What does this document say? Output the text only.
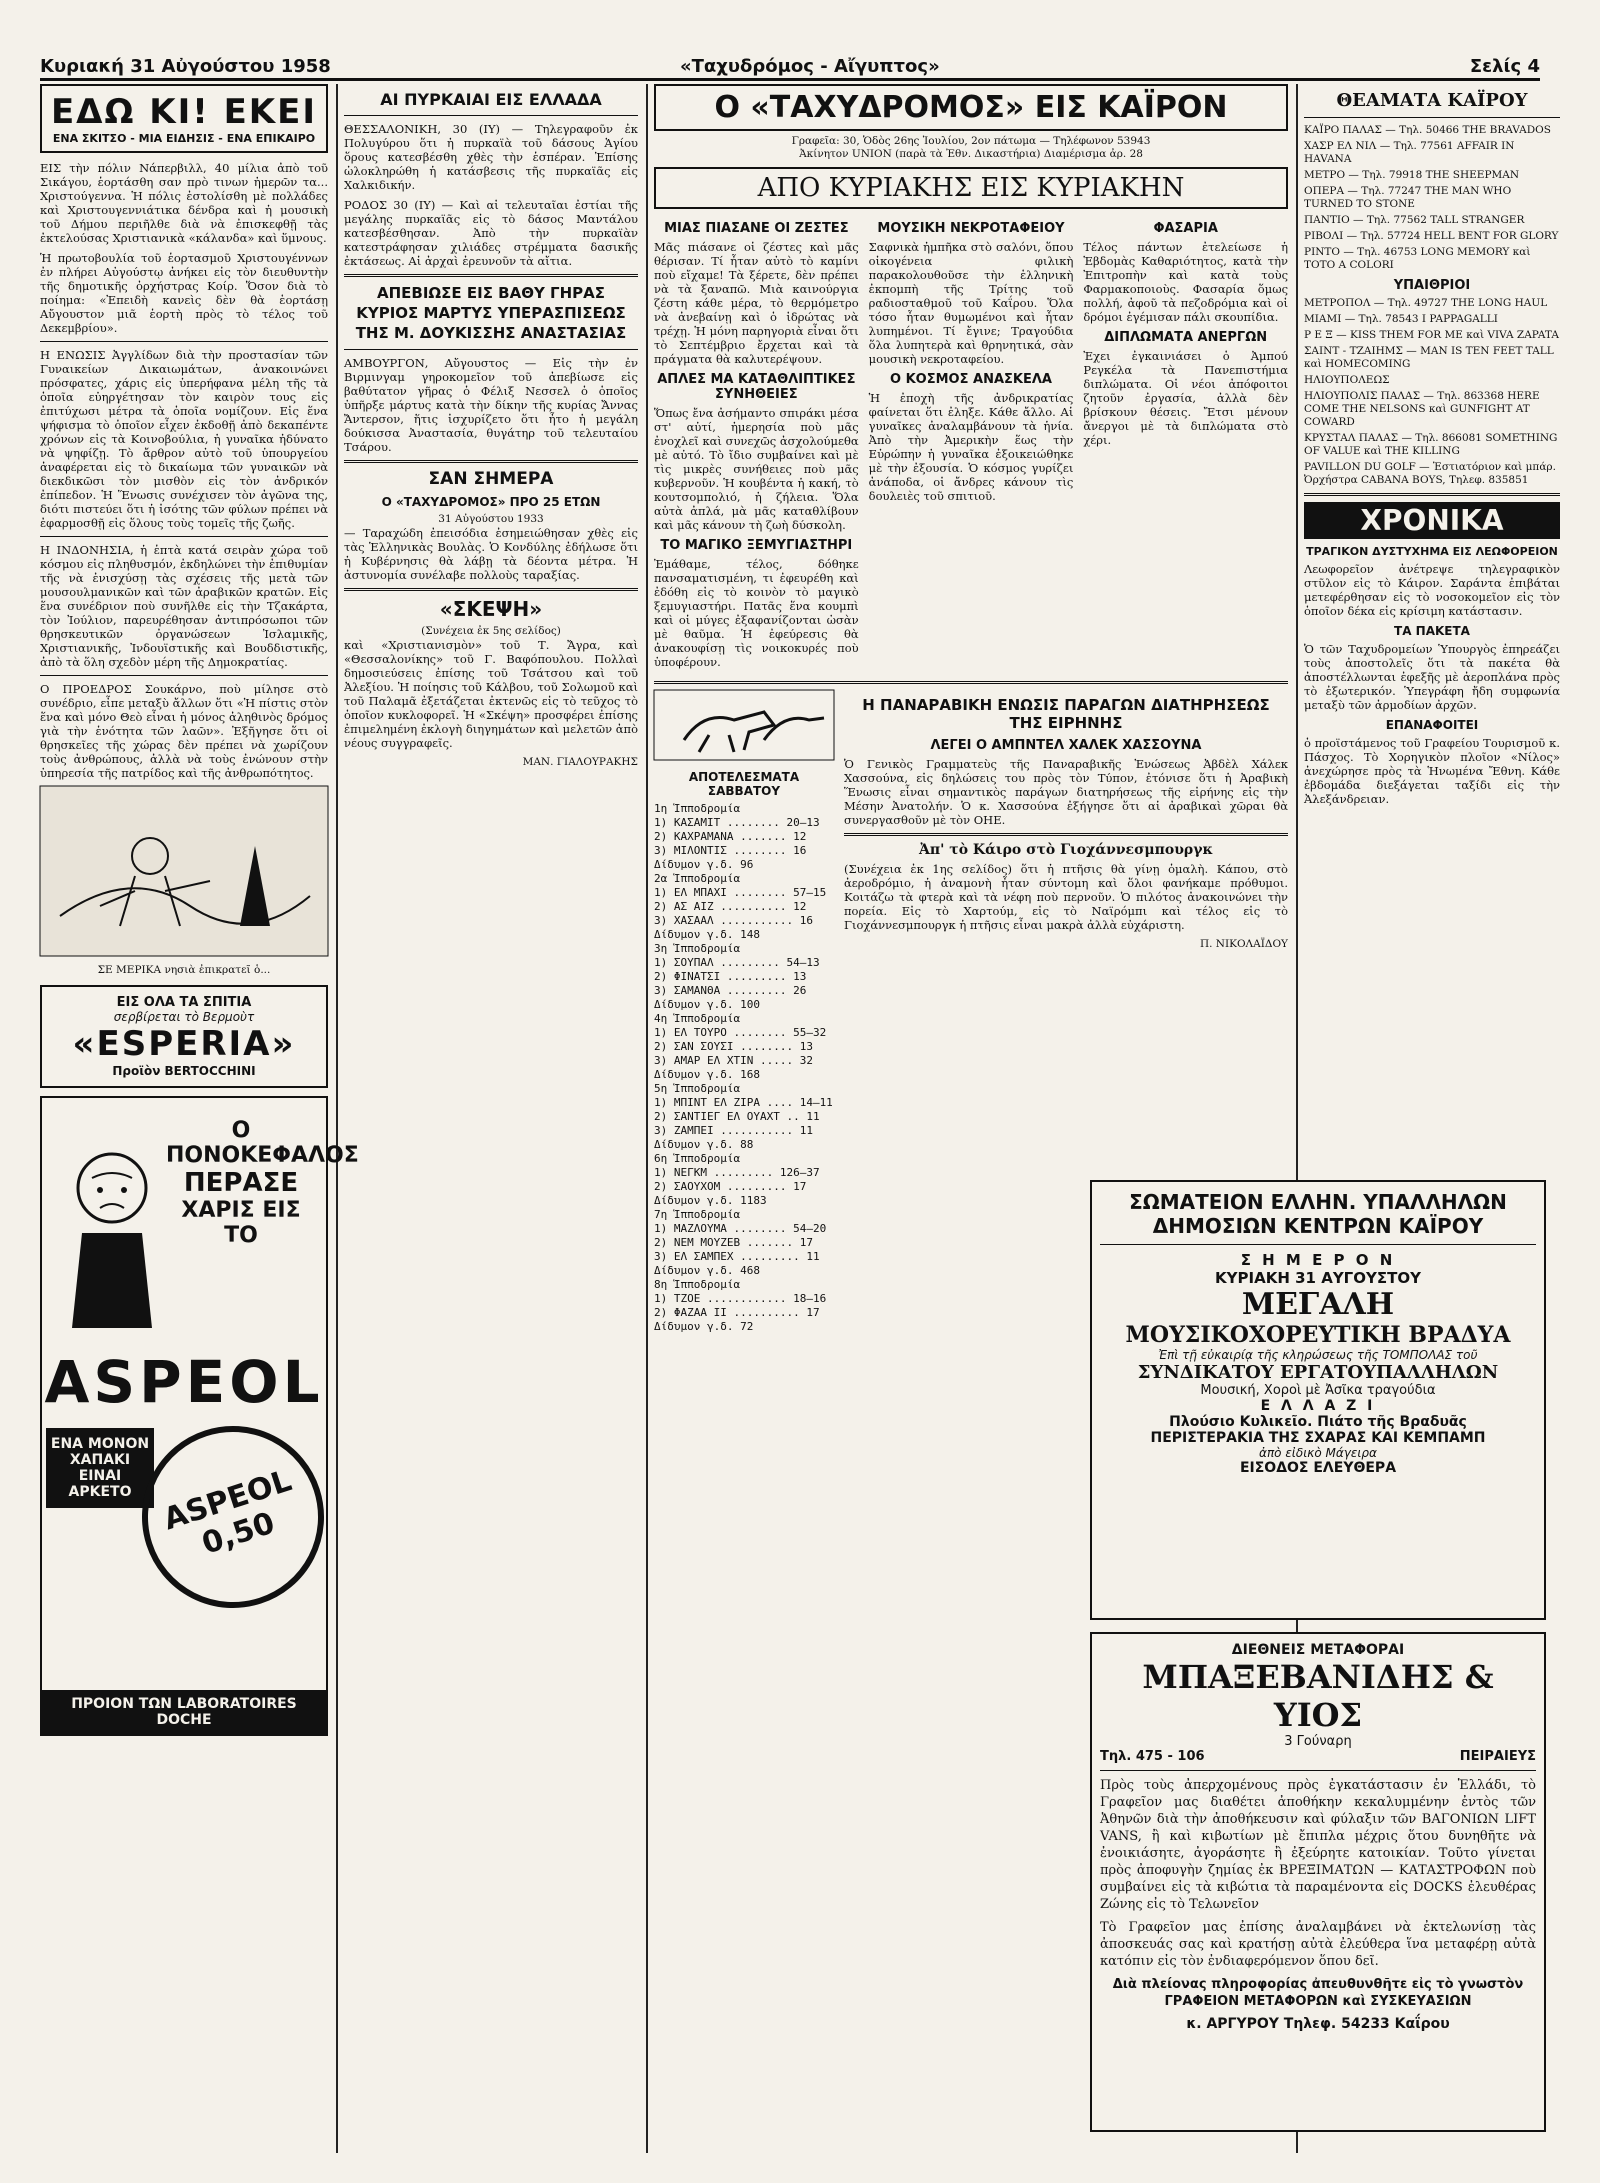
Κυριακή 31 Αὐγούστου 1958	«Ταχυδρόμος - Αἴγυπτος»	Σελίς 4
ΕΔΩ ΚΙ! ΕΚΕΙ
ΕΝΑ ΣΚΙΤΣΟ - ΜΙΑ ΕΙΔΗΣΙΣ - ΕΝΑ ΕΠΙΚΑΙΡΟ

ΕΙΣ τὴν πόλιν Νάπερβιλλ, 40 μίλια ἀπὸ τοῦ Σικάγου, ἑορτάσθη σαν πρὸ τινων ἡμερῶν τα... Χριστούγεννα. Ἡ πόλις ἐστολίσθη μὲ πολλάδες καὶ Χριστουγεννιάτικα δένδρα καὶ ἡ μουσικὴ τοῦ Δήμου περιῆλθε διὰ νὰ ἐπισκεφθῇ τὰς ἐκτελούσας Χριστιανικὰ «κάλανδα» καὶ ὕμνους.

Ἡ πρωτοβουλία τοῦ ἑορτασμοῦ Χριστουγέννων ἐν πλήρει Αὐγούστῳ ἀνήκει εἰς τὸν διευθυντὴν τῆς δημοτικῆς ὀρχήστρας Κοίρ. Ὅσον διὰ τὸ ποίημα: «Ἐπειδὴ κανεὶς δὲν θὰ ἑορτάσῃ Αὔγουστον μιᾶ ἑορτὴ πρὸς τὸ τέλος τοῦ Δεκεμβρίου».

Η ΕΝΩΣΙΣ Ἀγγλίδων διὰ τὴν προστασίαν τῶν Γυναικείων Δικαιωμάτων, ἀνακοινώνει πρόσφατες, χάρις εἰς ὑπερήφανα μέλη τῆς τὰ ὁποῖα εὐηργέτησαν τὸν καιρὸν τους εἰς ἐπιτύχωσι μέτρα τὰ ὁποῖα νομίζουν. Εἰς ἕνα ψήφισμα τὸ ὁποῖον εἶχεν ἐκδοθῇ ἀπὸ δεκαπέντε χρόνων εἰς τὰ Κοινοβούλια, ἡ γυναῖκα ἠδύνατο νὰ ψηφίζῃ. Τὸ ἄρθρον αὐτὸ τοῦ ὑπουργείου ἀναφέρεται εἰς τὸ δικαίωμα τῶν γυναικῶν νὰ διεκδικῶσι τὸν μισθὸν εἰς τὸν ἀνδρικόν ἐπίπεδον. Ἡ Ἕνωσις συνέχισεν τὸν ἀγῶνα της, διότι πιστεύει ὅτι ἡ ἰσότης τῶν φύλων πρέπει νὰ ἐφαρμοσθῇ εἰς ὅλους τοὺς τομεῖς τῆς ζωῆς.

Η ΙΝΔΟΝΗΣΙΑ, ἡ ἑπτὰ κατά σειρὰν χώρα τοῦ κόσμου εἰς πληθυσμόν, ἐκδηλώνει τὴν ἐπιθυμίαν τῆς νὰ ἐνισχύσῃ τὰς σχέσεις τῆς μετὰ τῶν μουσουλμανικῶν καὶ τῶν ἀραβικῶν κρατῶν. Εἰς ἕνα συνέδριον ποὺ συνῆλθε εἰς τὴν Τζακάρτα, τὸν Ἰούλιον, παρευρέθησαν ἀντιπρόσωποι τῶν θρησκευτικῶν ὀργανώσεων Ἰσλαμικῆς, Χριστιανικῆς, Ἰνδουϊστικῆς καὶ Βουδδιστικῆς, ἀπὸ τὰ ὅλη σχεδὸν μέρη τῆς Δημοκρατίας.

Ο ΠΡΟΕΔΡΟΣ Σουκάρνο, ποὺ μίλησε στὸ συνέδριο, εἶπε μεταξὺ ἄλλων ὅτι «Ἡ πίστις στὸν ἕνα καὶ μόνο Θεὸ εἶναι ἡ μόνος ἀληθινὸς δρόμος γιὰ τὴν ἑνότητα τῶν λαῶν». Ἐξῆγησε ὅτι οἱ θρησκεῖες τῆς χώρας δὲν πρέπει νὰ χωρίζουν τοὺς ἀνθρώπους, ἀλλὰ νὰ τοὺς ἐνώνουν στὴν ὑπηρεσία τῆς πατρίδος καὶ τῆς ἀνθρωπότητος.

ΣΕ ΜΕΡΙΚΑ νησιὰ ἐπικρατεῖ ὁ...
ΕΙΣ ΟΛΑ ΤΑ ΣΠΙΤΙΑ
σερβίρεται τὸ Βερμοὺτ
«ESPERIA»
Προϊὸν BERTOCCHINI
Ο ΠΟΝΟΚΕΦΑΛΟΣ
ΠΕΡΑΣΕ
ΧΑΡΙΣ ΕΙΣ ΤΟ
ASPEOL
ΕΝΑ ΜΟΝΟΝ
ΧΑΠΑΚΙ
ΕΙΝΑΙ
ΑΡΚΕΤΟ ASPEOL 0,50
ΠΡΟΙΟΝ ΤΩΝ LABORATOIRES DOCHE
ΑΙ ΠΥΡΚΑΙΑΙ ΕΙΣ ΕΛΛΑΔΑ

ΘΕΣΣΑΛΟΝΙΚΗ, 30 (ΙΥ) — Τηλεγραφοῦν ἐκ Πολυγύρου ὅτι ἡ πυρκαϊὰ τοῦ δάσους Ἁγίου ὅρους κατεσβέσθη χθὲς τὴν ἑσπέραν. Ἐπίσης ὠλοκληρώθη ἡ κατάσβεσις τῆς πυρκαϊᾶς εἰς Χαλκιδικήν.

ΡΟΔΟΣ 30 (ΙΥ) — Καὶ αἱ τελευταῖαι ἐστίαι τῆς μεγάλης πυρκαϊᾶς εἰς τὸ δάσος Μαντάλου κατεσβέσθησαν. Ἀπὸ τὴν πυρκαϊὰν κατεστράφησαν χιλιάδες στρέμματα δασικῆς ἐκτάσεως. Αἱ ἀρχαὶ ἐρευνοῦν τὰ αἴτια.

ΑΠΕΒΙΩΣΕ ΕΙΣ ΒΑΘΥ ΓΗΡΑΣ ΚΥΡΙΟΣ ΜΑΡΤΥΣ ΥΠΕΡΑΣΠΙΣΕΩΣ ΤΗΣ Μ. ΔΟΥΚΙΣΣΗΣ ΑΝΑΣΤΑΣΙΑΣ

ΑΜΒΟΥΡΓΟΝ, Αὔγουστος — Εἰς τὴν ἐν Βιρμινγαμ γηροκομεῖον τοῦ ἀπεβίωσε εἰς βαθύτατον γῆρας ὁ Φέλιξ Νεσσελ ὁ ὁποῖος ὑπῆρξε μάρτυς κατὰ τὴν δίκην τῆς κυρίας Ἄννας Ἄντερσον, ἥτις ἰσχυρίζετο ὅτι ἦτο ἡ μεγάλη δούκισσα Ἀναστασία, θυγάτηρ τοῦ τελευταίου Τσάρου.

ΣΑΝ ΣΗΜΕΡΑ
Ο «ΤΑΧΥΔΡΟΜΟΣ» ΠΡΟ 25 ΕΤΩΝ
31 Αὐγούστου 1933

— Ταραχώδη ἐπεισόδια ἐσημειώθησαν χθὲς εἰς τὰς Ἑλληνικὰς Βουλὰς. Ὁ Κονδύλης ἐδήλωσε ὅτι ἡ Κυβέρνησις θὰ λάβῃ τὰ δέοντα μέτρα. Ἡ ἀστυνομία συνέλαβε πολλοὺς ταραξίας.

«ΣΚΕΨΗ»
(Συνέχεια ἐκ 5ης σελίδος)

καὶ «Χριστιανισμὸν» τοῦ Τ. Ἄγρα, καὶ «Θεσσαλονίκης» τοῦ Γ. Βαφόπουλου. Πολλαὶ δημοσιεύσεις ἐπίσης τοῦ Τσάτσου καὶ τοῦ Ἀλεξίου. Ἡ ποίησις τοῦ Κάλβου, τοῦ Σολωμοῦ καὶ τοῦ Παλαμᾶ ἐξετάζεται ἐκτενῶς εἰς τὸ τεῦχος τὸ ὁποῖον κυκλοφορεῖ. Ἡ «Σκέψη» προσφέρει ἐπίσης ἐπιμελημένη ἐκλογὴ διηγημάτων καὶ μελετῶν ἀπὸ νέους συγγραφεῖς.

ΜΑΝ. ΓΙΑΛΟΥΡΑΚΗΣ
Ο «ΤΑΧΥΔΡΟΜΟΣ» ΕΙΣ ΚΑΪΡΟΝ
Γραφεῖα: 30, Ὁδὸς 26ης Ἰουλίου, 2ον πάτωμα — Τηλέφωνον 53943
Ἀκίνητον UNION (παρὰ τὰ Ἐθν. Δικαστήρια) Διαμέρισμα ἀρ. 28
ΑΠΟ ΚΥΡΙΑΚΗΣ ΕΙΣ ΚΥΡΙΑΚΗΝ
ΜΙΑΣ ΠΙΑΣΑΝΕ ΟΙ ΖΕΣΤΕΣ

Μᾶς πιάσανε οἱ ζέστες καὶ μᾶς θέρισαν. Τί ἦταν αὐτὸ τὸ καμίνι ποὺ εἴχαμε! Τὰ ξέρετε, δὲν πρέπει νὰ τὰ ξαναπῶ. Μιὰ καινούργια ζέστη κάθε μέρα, τὸ θερμόμετρο νὰ ἀνεβαίνῃ καὶ ὁ ἱδρώτας νὰ τρέχῃ. Ἡ μόνη παρηγοριὰ εἶναι ὅτι τὸ Σεπτέμβριο ἔρχεται καὶ τὰ πράγματα θὰ καλυτερέψουν.

ΑΠΛΕΣ ΜΑ ΚΑΤΑΘΛΙΠΤΙΚΕΣ ΣΥΝΗΘΕΙΕΣ

Ὅπως ἔνα ἀσήμαντο σπιράκι μέσα στ' αὐτί, ἡμερησία ποὺ μᾶς ἐνοχλεῖ καὶ συνεχῶς ἀσχολούμεθα μὲ αὐτό. Τὸ ἴδιο συμβαίνει καὶ μὲ τὶς μικρὲς συνήθειες ποὺ μᾶς κυβερνοῦν. Ἡ κουβέντα ἡ κακή, τὸ κουτσομπολιό, ἡ ζήλεια. Ὅλα αὐτὰ ἀπλά, μὰ μᾶς καταθλίβουν καὶ μᾶς κάνουν τὴ ζωὴ δύσκολη.

ΤΟ ΜΑΓΙΚΟ ΞΕΜΥΓΙΑΣΤΗΡΙ

Ἐμάθαμε, τέλος, δόθηκε πανσαματισμένη, τι ἐφευρέθη καὶ ἐδόθη εἰς τὸ κοινὸν τὸ μαγικὸ ξεμυγιαστήρι. Πατᾶς ἕνα κουμπὶ καὶ οἱ μύγες ἐξαφανίζονται ὡσὰν μὲ θαῦμα. Ἡ ἐφεύρεσις θὰ ἀνακουφίσῃ τὶς νοικοκυρές ποὺ ὑποφέρουν.

ΜΟΥΣΙΚΗ ΝΕΚΡΟΤΑΦΕΙΟΥ

Σαφνικὰ ἠμπῆκα στὸ σαλόνι, ὅπου οἰκογένεια φιλικὴ παρακολουθοῦσε τὴν ἑλληνικὴ ἐκπομπὴ τῆς Τρίτης τοῦ ραδιοσταθμοῦ τοῦ Καΐρου. Ὅλα τόσο ἦταν θυμωμένοι καὶ ἦταν λυπημένοι. Τί ἔγινε; Τραγούδια ὅλα λυπητερὰ καὶ θρηνητικά, σὰν μουσικὴ νεκροταφείου.

Ο ΚΟΣΜΟΣ ΑΝΑΣΚΕΛΑ

Ἡ ἐποχὴ τῆς ἀνδρικρατίας φαίνεται ὅτι ἐληξε. Κάθε ἄλλο. Αἱ γυναῖκες ἀναλαμβάνουν τὰ ἡνία. Ἀπὸ τὴν Ἀμερικὴν ἕως τὴν Εὐρώπην ἡ γυναῖκα ἐξοικειώθηκε μὲ τὴν ἐξουσία. Ὁ κόσμος γυρίζει ἀνάποδα, οἱ ἄνδρες κάνουν τὶς δουλειὲς τοῦ σπιτιοῦ.

ΦΑΣΑΡΙΑ

Τέλος πάντων ἐτελείωσε ἡ Ἑβδομὰς Καθαριότητος, κατὰ τὴν Ἐπιτροπὴν καὶ κατὰ τοὺς Φαρμακοποιοὺς. Φασαρία ὅμως πολλή, ἀφοῦ τὰ πεζοδρόμια καὶ οἱ δρόμοι ἐγέμισαν πάλι σκουπίδια.

ΔΙΠΛΩΜΑΤΑ ΑΝΕΡΓΩΝ

Ἐχει ἐγκαινιάσει ὁ Ἀμπού Ρεγκέλα τὰ Πανεπιστήμια διπλώματα. Οἱ νέοι ἀπόφοιτοι ζητοῦν ἐργασία, ἀλλὰ δὲν βρίσκουν θέσεις. Ἔτσι μένουν ἄνεργοι μὲ τὰ διπλώματα στὸ χέρι.

ΑΠΟΤΕΛΕΣΜΑΤΑ ΣΑΒΒΑΤΟΥ

1η Ἱπποδρομία

1) ΚΑΣΑΜΙΤ ........ 20—13

2) ΚΑΧΡΑΜΑΝΑ ....... 12

3) ΜΙΛΟΝΤΙΣ ........ 16

Δίδυμον γ.δ. 96

2α Ἱπποδρομία

1) ΕΛ ΜΠΑΧΙ ........ 57—15

2) ΑΣ ΑΙΖ .......... 12

3) ΧΑΣΑΑΛ ........... 16

Δίδυμον γ.δ. 148

3η Ἱπποδρομία

1) ΣΟΥΠΑΛ ......... 54—13

2) ΦΙΝΑΤΣΙ ......... 13

3) ΣΑΜΑΝΘΑ ......... 26

Δίδυμον γ.δ. 100

4η Ἱπποδρομία

1) ΕΛ ΤΟΥΡΟ ........ 55—32

2) ΣΑΝ ΣΟΥΣΙ ........ 13

3) ΑΜΑΡ ΕΛ ΧΤΙΝ ..... 32

Δίδυμον γ.δ. 168

5η Ἱπποδρομία

1) ΜΠΙΝΤ ΕΛ ΖΙΡΑ .... 14—11

2) ΣΑΝΤΙΕΓ ΕΛ ΟΥΑΧΤ .. 11

3) ΖΑΜΠΕΙ ........... 11

Δίδυμον γ.δ. 88

6η Ἱπποδρομία

1) ΝΕΓΚΜ ......... 126—37

2) ΣΑΟΥΧΟΜ ......... 17

Δίδυμον γ.δ. 1183

7η Ἱπποδρομία

1) ΜΑΖΛΟΥΜΑ ........ 54—20

2) ΝΕΜ ΜΟΥΖΕΒ ....... 17

3) ΕΛ ΣΑΜΠΕΧ ......... 11

Δίδυμον γ.δ. 468

8η Ἱπποδρομία

1) ΤΖΟΕ ............ 18—16

2) ΦΑΖΑΑ ΙΙ .......... 17

Δίδυμον γ.δ. 72

Η ΠΑΝΑΡΑΒΙΚΗ ΕΝΩΣΙΣ ΠΑΡΑΓΩΝ ΔΙΑΤΗΡΗΣΕΩΣ ΤΗΣ ΕΙΡΗΝΗΣ
ΛΕΓΕΙ Ο ΑΜΠΝΤΕΛ ΧΑΛΕΚ ΧΑΣΣΟΥΝΑ

Ὁ Γενικὸς Γραμματεὺς τῆς Παναραβικῆς Ἑνώσεως Ἀβδὲλ Χάλεκ Χασσούνα, εἰς δηλώσεις του πρὸς τὸν Τύπον, ἐτόνισε ὅτι ἡ Ἀραβικὴ Ἕνωσις εἶναι σημαντικὸς παράγων διατηρήσεως τῆς εἰρήνης εἰς τὴν Μέσην Ἀνατολήν. Ὁ κ. Χασσούνα ἐξήγησε ὅτι αἱ ἀραβικαὶ χῶραι θὰ συνεργασθοῦν μὲ τὸν ΟΗΕ.

Ἀπ' τὸ Κάιρο στὸ Γιοχάννεσμπουργκ

(Συνέχεια ἐκ 1ης σελίδος) ὅτι ἡ πτῆσις θὰ γίνῃ ὁμαλὴ. Κάπου, στὸ ἀεροδρόμιο, ἡ ἀναμονὴ ἦταν σύντομη καὶ ὅλοι φανήκαμε πρόθυμοι. Κοιτάζω τὰ φτερὰ καὶ τὰ νέφη ποὺ περνοῦν. Ὁ πιλότος ἀνακοινώνει τὴν πορεία. Εἰς τὸ Χαρτούμ, εἰς τὸ Ναϊρόμπι καὶ τέλος εἰς τὸ Γιοχάννεσμπουργκ ἡ πτῆσις εἶναι μακρὰ ἀλλὰ εὐχάριστη.

Π. ΝΙΚΟΛΑΪΔΟΥ
ΘΕΑΜΑΤΑ ΚΑΪΡΟΥ
ΚΑΪΡΟ ΠΑΛΑΣ — Τηλ. 50466 THE BRAVADOS
ΧΑΣΡ ΕΛ ΝΙΛ — Τηλ. 77561 AFFAIR IN HAVANA
ΜΕΤΡΟ — Τηλ. 79918 THE SHEEPMAN
ΟΠΕΡΑ — Τηλ. 77247 THE MAN WHO TURNED TO STONE
ΠΑΝΤΙΟ — Τηλ. 77562 TALL STRANGER
ΡΙΒΟΛΙ — Τηλ. 57724 HELL BENT FOR GLORY
ΡΙΝΤΟ — Τηλ. 46753 LONG MEMORY καὶ ΤΟΤΟ A COLORI
ΥΠΑΙΘΡΙΟΙ
ΜΕΤΡΟΠΟΛ — Τηλ. 49727 THE LONG HAUL
ΜΙΑΜΙ — Τηλ. 78543 I PAPPAGALLI
Ρ Ε Ξ — KISS THEM FOR ME καὶ VIVA ZAPATA
ΣΑΙΝΤ - ΤΖΑΙΗΜΣ — MAN IS TEN FEET TALL καὶ HOMECOMING
ΗΛΙΟΥΠΟΛΕΩΣ
ΗΛΙΟΥΠΟΛΙΣ ΠΑΛΑΣ — Τηλ. 863368 HERE COME THE NELSONS καὶ GUNFIGHT AT COWARD
ΚΡΥΣΤΑΛ ΠΑΛΑΣ — Τηλ. 866081 SOMETHING OF VALUE καὶ THE KILLING
PAVILLON DU GOLF — Ἑστιατόριον καὶ μπάρ. Ὀρχήστρα CABANA BOYS, Τηλεφ. 835851
ΧΡΟΝΙΚΑ
ΤΡΑΓΙΚΟΝ ΔΥΣΤΥΧΗΜΑ ΕΙΣ ΛΕΩΦΟΡΕΙΟΝ

Λεωφορεῖον ἀνέτρεψε τηλεγραφικὸν στῦλον εἰς τὸ Κάιρον. Σαράντα ἐπιβάται μετεφέρθησαν εἰς τὸ νοσοκομεῖον εἰς τὸν ὁποῖον δέκα εἰς κρίσιμη κατάστασιν.

ΤΑ ΠΑΚΕΤΑ

Ὁ τῶν Ταχυδρομείων Ὑπουργὸς ἐπηρεάζει τοὺς ἀποστολεῖς ὅτι τὰ πακέτα θὰ ἀποστέλλωνται ἐφεξῆς μὲ ἀεροπλάνα πρὸς τὸ ἐξωτερικόν. Ὑπεγράφη ἤδη συμφωνία μεταξὺ τῶν ἁρμοδίων ἀρχῶν.

ΕΠΑΝΑΦΟΙΤΕΙ

ὁ προϊστάμενος τοῦ Γραφείου Τουρισμοῦ κ. Πάσχος. Τὸ Χορηγικὸν πλοῖον «Νίλος» ἀνεχώρησε πρὸς τὰ Ἡνωμένα Ἔθνη. Κάθε ἐβδομάδα διεξάγεται ταξίδι εἰς τὴν Ἀλεξάνδρειαν.

ΣΩΜΑΤΕΙΟΝ ΕΛΛΗΝ. ΥΠΑΛΛΗΛΩΝ
ΔΗΜΟΣΙΩΝ ΚΕΝΤΡΩΝ ΚΑΪΡΟΥ
Σ Η Μ Ε Ρ Ο Ν
ΚΥΡΙΑΚΗ 31 ΑΥΓΟΥΣΤΟΥ
ΜΕΓΑΛΗ
ΜΟΥΣΙΚΟΧΟΡΕΥΤΙΚΗ ΒΡΑΔΥΑ
Ἐπὶ τῇ εὐκαιρίᾳ τῆς κληρώσεως τῆς ΤΟΜΠΟΛΑΣ τοῦ
ΣΥΝΔΙΚΑΤΟΥ ΕΡΓΑΤΟΥΠΑΛΛΗΛΩΝ
Μουσική, Χοροὶ μὲ Ἀσῖκα τραγούδια
Ε Λ Λ Α Ζ Ι
Πλούσιο Κυλικεῖο. Πιάτο τῆς Βραδυᾶς
ΠΕΡΙΣΤΕΡΑΚΙΑ ΤΗΣ ΣΧΑΡΑΣ ΚΑΙ ΚΕΜΠΑΜΠ
ἀπὸ εἰδικὸ Μάγειρα
ΕΙΣΟΔΟΣ ΕΛΕΥΘΕΡΑ
ΔΙΕΘΝΕΙΣ ΜΕΤΑΦΟΡΑΙ
ΜΠΑΞΕΒΑΝΙΔΗΣ & ΥΙΟΣ
3 Γούναρη
Τηλ. 475 - 106	ΠΕΙΡΑΙΕΥΣ

Πρὸς τοὺς ἀπερχομένους πρὸς ἐγκατάστασιν ἐν Ἑλλάδι, τὸ Γραφεῖον μας διαθέτει ἀποθήκην κεκαλυμμένην ἐντὸς τῶν Ἀθηνῶν διὰ τὴν ἀποθήκευσιν καὶ φύλαξιν τῶν ΒΑΓΟΝΙΩΝ LIFT VANS, ἢ καὶ κιβωτίων μὲ ἔπιπλα μέχρις ὅτου δυνηθῆτε νὰ ἐνοικιάσητε, ἀγοράσητε ἢ ἐξεύρητε κατοικίαν. Τοῦτο γίνεται πρὸς ἀποφυγὴν ζημίας ἐκ ΒΡΕΞΙΜΑΤΩΝ — ΚΑΤΑΣΤΡΟΦΩΝ ποὺ συμβαίνει εἰς τὰ κιβώτια τὰ παραμένοντα εἰς DOCKS ἐλευθέρας Ζώνης εἰς τὸ Τελωνεῖον

Τὸ Γραφεῖον μας ἐπίσης ἀναλαμβάνει νὰ ἐκτελωνίσῃ τὰς ἀποσκευάς σας καὶ κρατήσῃ αὐτὰ ἐλεύθερα ἵνα μεταφέρῃ αὐτὰ κατόπιν εἰς τὸν ἐνδιαφερόμενον ὅπου δεῖ.

Διὰ πλείονας πληροφορίας ἀπευθυνθῆτε εἰς τὸ γνωστὸν ΓΡΑΦΕΙΟΝ ΜΕΤΑΦΟΡΩΝ καὶ ΣΥΣΚΕΥΑΣΙΩΝ

κ. ΑΡΓΥΡΟΥ Τηλεφ. 54233 Καΐρου
